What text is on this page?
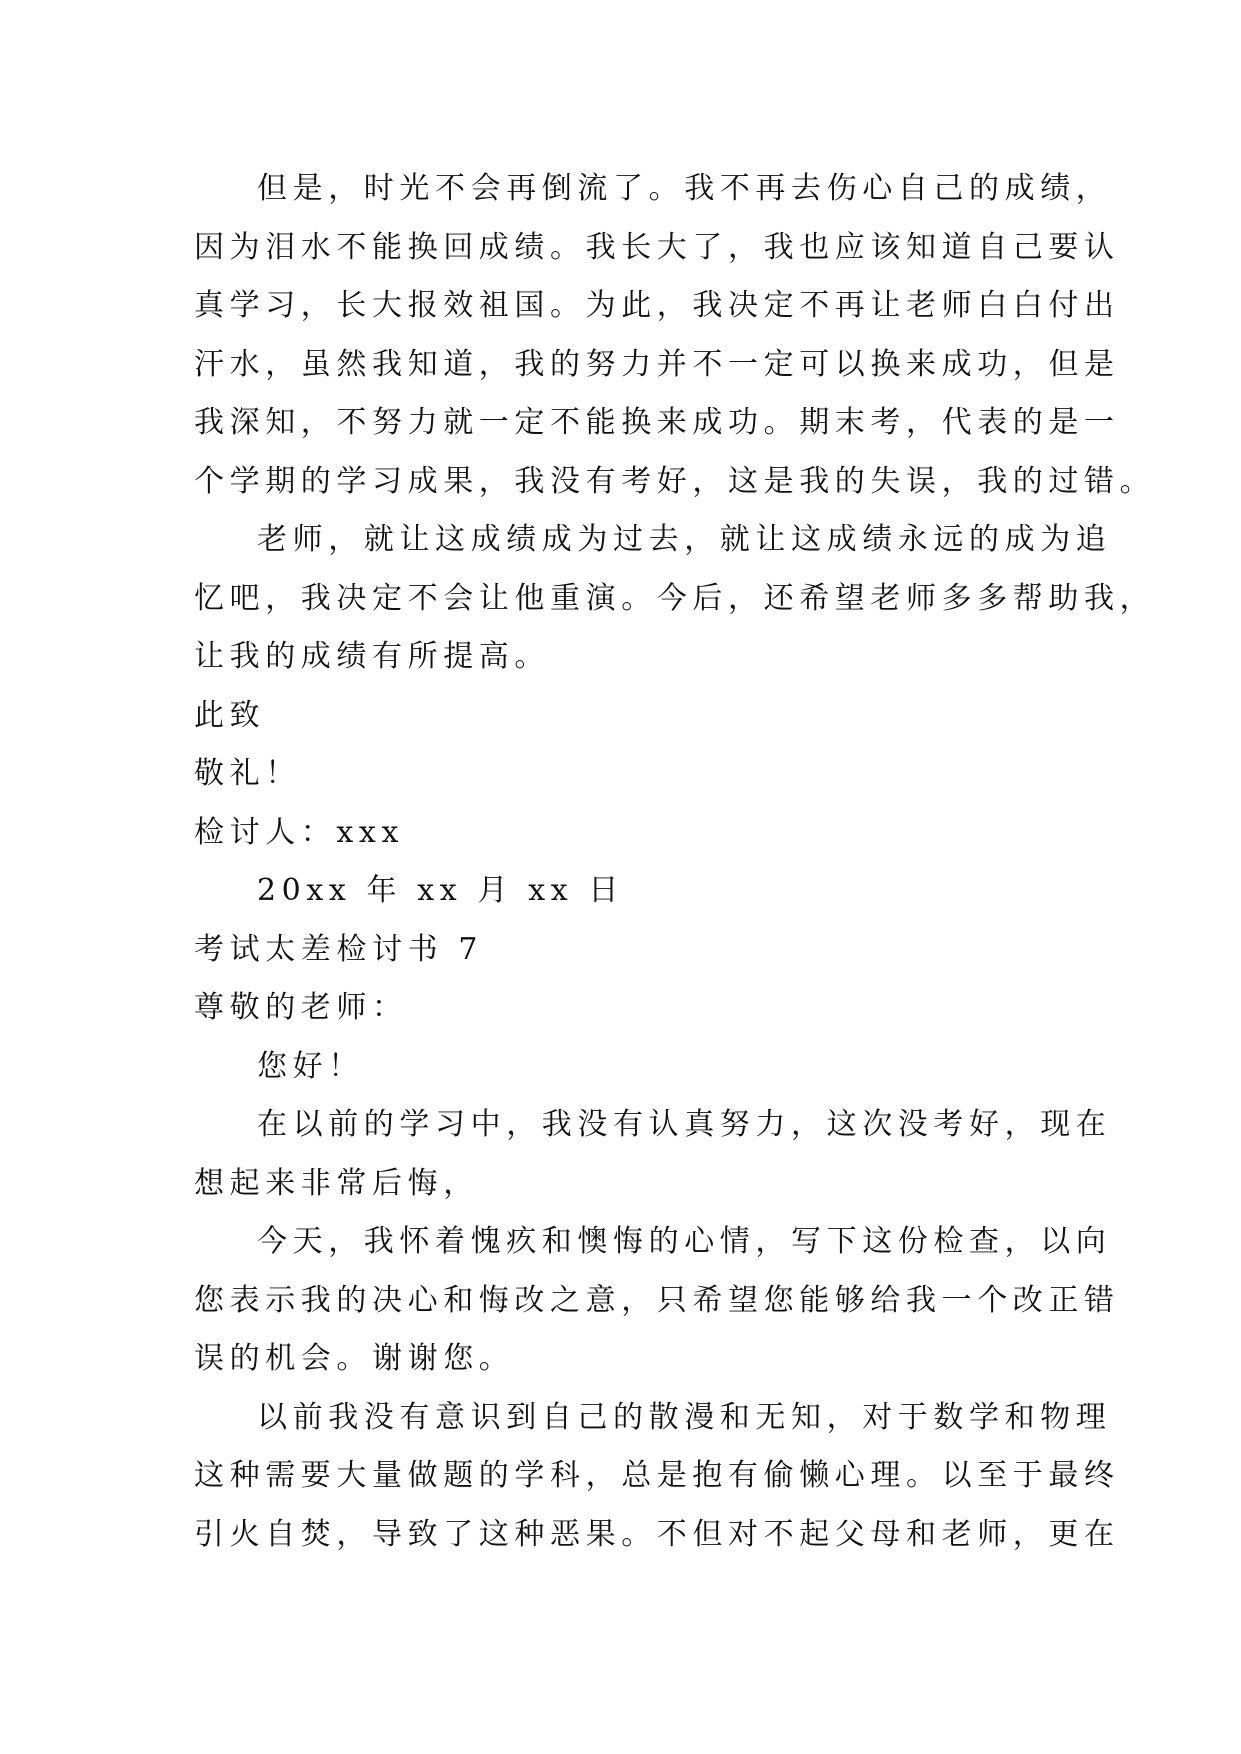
但是，时光不会再倒流了。我不再去伤心自己的成绩，
因为泪水不能换回成绩。我长大了，我也应该知道自己要认
真学习，长大报效祖国。为此，我决定不再让老师白白付出
汗水，虽然我知道，我的努力并不一定可以换来成功，但是
我深知，不努力就一定不能换来成功。期末考，代表的是一
个学期的学习成果，我没有考好，这是我的失误，我的过错。
老师，就让这成绩成为过去，就让这成绩永远的成为追
忆吧，我决定不会让他重演。今后，还希望老师多多帮助我，
让我的成绩有所提高。
此致
敬礼！
检讨人：xxx
20xx 年 xx 月 xx 日
考试太差检讨书 7
尊敬的老师：
您好！
在以前的学习中，我没有认真努力，这次没考好，现在
想起来非常后悔，
今天，我怀着愧疚和懊悔的心情，写下这份检查，以向
您表示我的决心和悔改之意，只希望您能够给我一个改正错
误的机会。谢谢您。
以前我没有意识到自己的散漫和无知，对于数学和物理
这种需要大量做题的学科，总是抱有偷懒心理。以至于最终
引火自焚，导致了这种恶果。不但对不起父母和老师，更在
